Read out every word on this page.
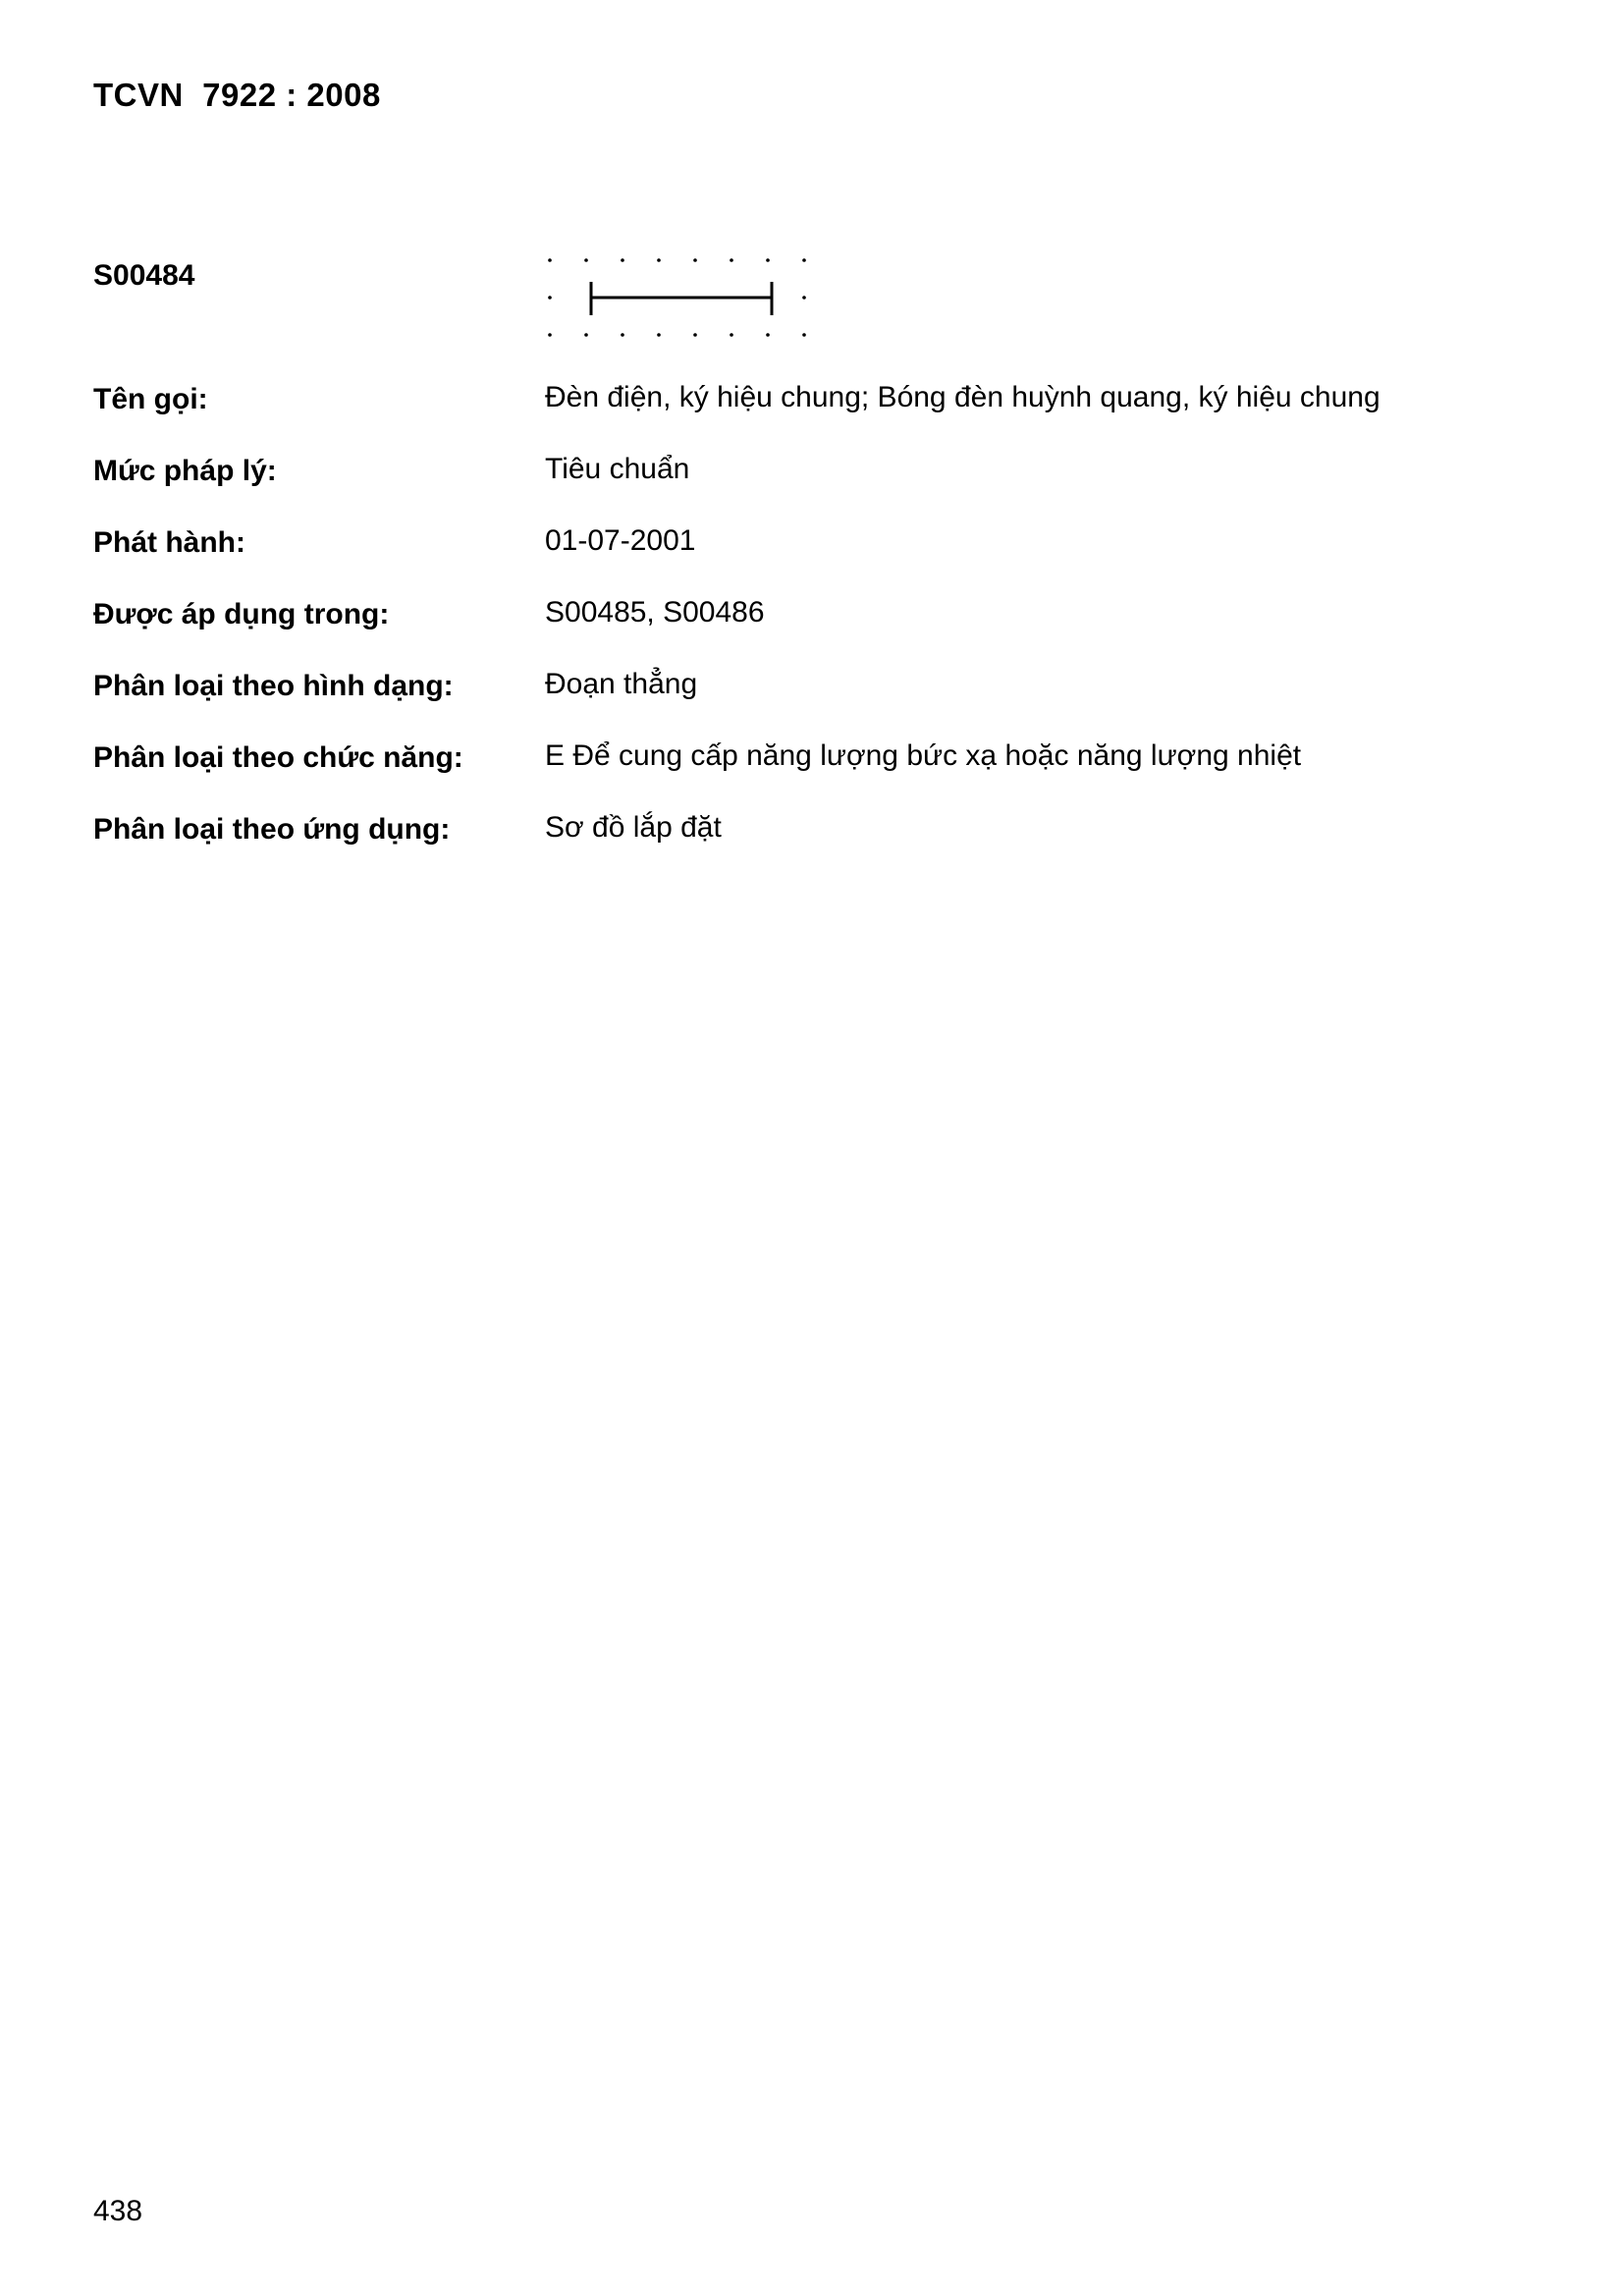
TCVN  7922 : 2008
S00484
Tên gọi:	Đèn điện, ký hiệu chung; Bóng đèn huỳnh quang, ký hiệu chung
Mức pháp lý:	Tiêu chuẩn
Phát hành:	01-07-2001
Được áp dụng trong:	S00485, S00486
Phân loại theo hình dạng:	Đoạn thẳng
Phân loại theo chức năng:	E Để cung cấp năng lượng bức xạ hoặc năng lượng nhiệt
Phân loại theo ứng dụng:	Sơ đồ lắp đặt
438
